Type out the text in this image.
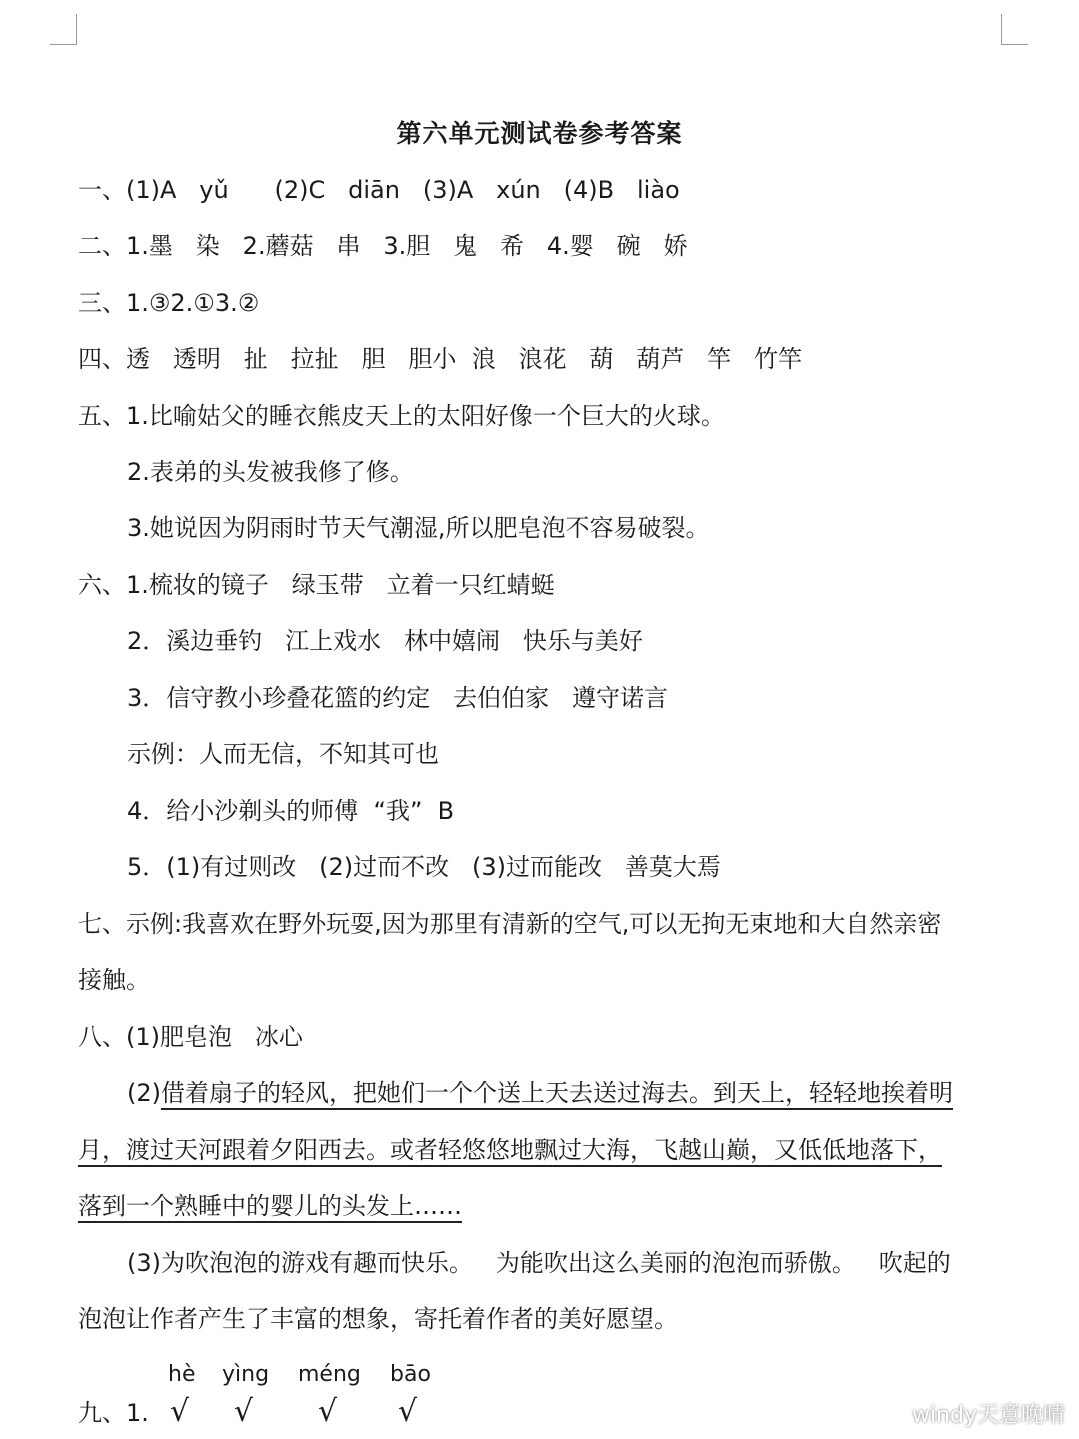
第六单元测试卷参考答案
一、(1)A   yǔ      (2)C   diān   (3)A   xún   (4)B   liào
二、1.墨   染   2.蘑菇   串   3.胆   鬼   希   4.婴   碗   娇
三、1.③2.①3.②
四、透   透明   扯   拉扯   胆   胆小  浪   浪花   葫   葫芦   竿   竹竿
五、1.比喻姑父的睡衣熊皮天上的太阳好像一个巨大的火球。
2.表弟的头发被我修了修。
3.她说因为阴雨时节天气潮湿,所以肥皂泡不容易破裂。
六、1.梳妆的镜子   绿玉带   立着一只红蜻蜓
2．溪边垂钓   江上戏水   林中嬉闹   快乐与美好
3．信守教小珍叠花篮的约定   去伯伯家   遵守诺言
示例：人而无信，不知其可也
4．给小沙剃头的师傅  “我”  B
5．(1)有过则改   (2)过而不改   (3)过而能改   善莫大焉
七、示例:我喜欢在野外玩耍,因为那里有清新的空气,可以无拘无束地和大自然亲密
接触。
八、(1)肥皂泡   冰心
(2)借着扇子的轻风，把她们一个个送上天去送过海去。到天上，轻轻地挨着明
月，渡过天河跟着夕阳西去。或者轻悠悠地飘过大海，飞越山巅，又低低地落下，
落到一个熟睡中的婴儿的头发上……
(3)为吹泡泡的游戏有趣而快乐。   为能吹出这么美丽的泡泡而骄傲。   吹起的
泡泡让作者产生了丰富的想象，寄托着作者的美好愿望。
hè yìng méng bāo
九、1. √ √ √ √	windy天意晚晴
